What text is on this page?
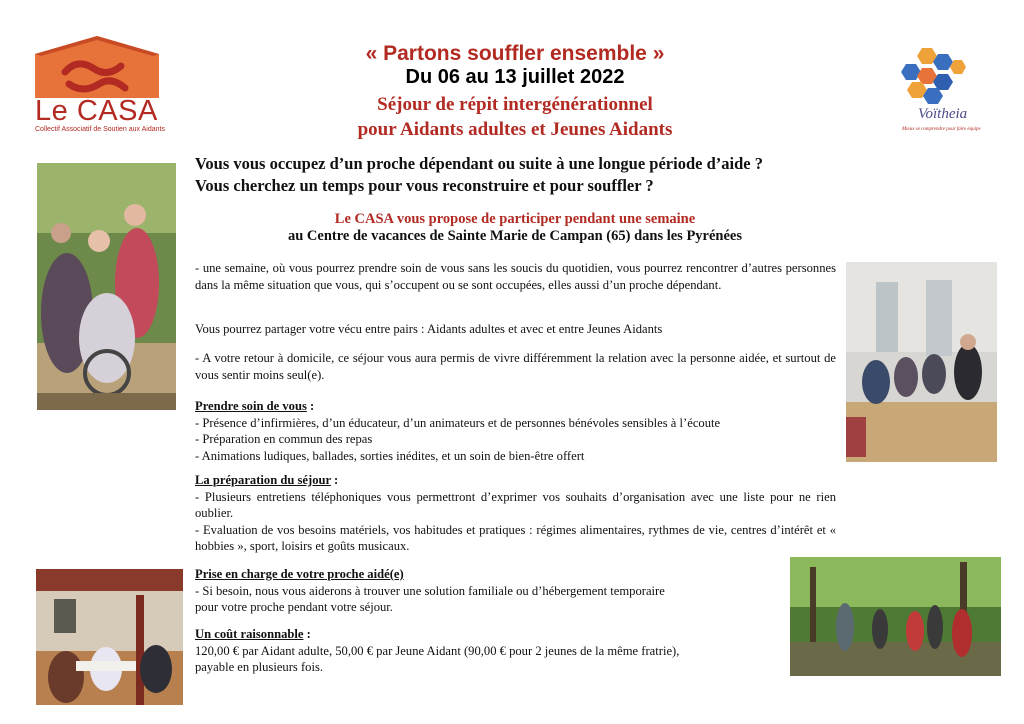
Le CASA
Collectif Associatif de Soutien aux Aidants
Voïtheia
Mieux se comprendre pour faire équipe
« Partons souffler ensemble »
Du 06 au 13 juillet 2022
Séjour de répit intergénérationnel
pour Aidants adultes et Jeunes Aidants
Vous vous occupez d’un proche dépendant ou suite à une longue période d’aide ?
Vous cherchez un temps pour vous reconstruire et pour souffler ?
Le CASA vous propose de participer pendant une semaine
au Centre de vacances de Sainte Marie de Campan (65) dans les Pyrénées
- une semaine, où vous pourrez prendre soin de vous sans les soucis du quotidien, vous pourrez rencontrer d’autres personnes dans la même situation que vous, qui s’occupent ou se sont occupées, elles aussi d’un proche dépendant.
Vous pourrez partager votre vécu entre pairs : Aidants adultes et avec et entre Jeunes Aidants
- A votre retour à domicile, ce séjour vous aura permis de vivre différemment la relation avec la personne aidée, et surtout de vous sentir moins seul(e).
Prendre soin de vous :
- Présence d’infirmières, d’un éducateur, d’un animateurs et de personnes bénévoles sensibles à l’écoute
- Préparation en commun des repas
- Animations ludiques, ballades, sorties inédites, et un soin de bien-être offert
La préparation du séjour :
- Plusieurs entretiens téléphoniques vous permettront d’exprimer vos souhaits d’organisation avec une liste pour ne rien oublier.
- Evaluation de vos besoins matériels, vos habitudes et pratiques : régimes alimentaires, rythmes de vie, centres d’intérêt et « hobbies », sport, loisirs et goûts musicaux.
Prise en charge de votre proche aidé(e)
- Si besoin, nous vous aiderons à trouver une solution familiale ou d’hébergement temporaire
pour votre proche pendant votre séjour.
Un coût raisonnable :
120,00 € par Aidant adulte, 50,00 € par Jeune Aidant (90,00 € pour 2 jeunes de la même fratrie),
payable en plusieurs fois.
